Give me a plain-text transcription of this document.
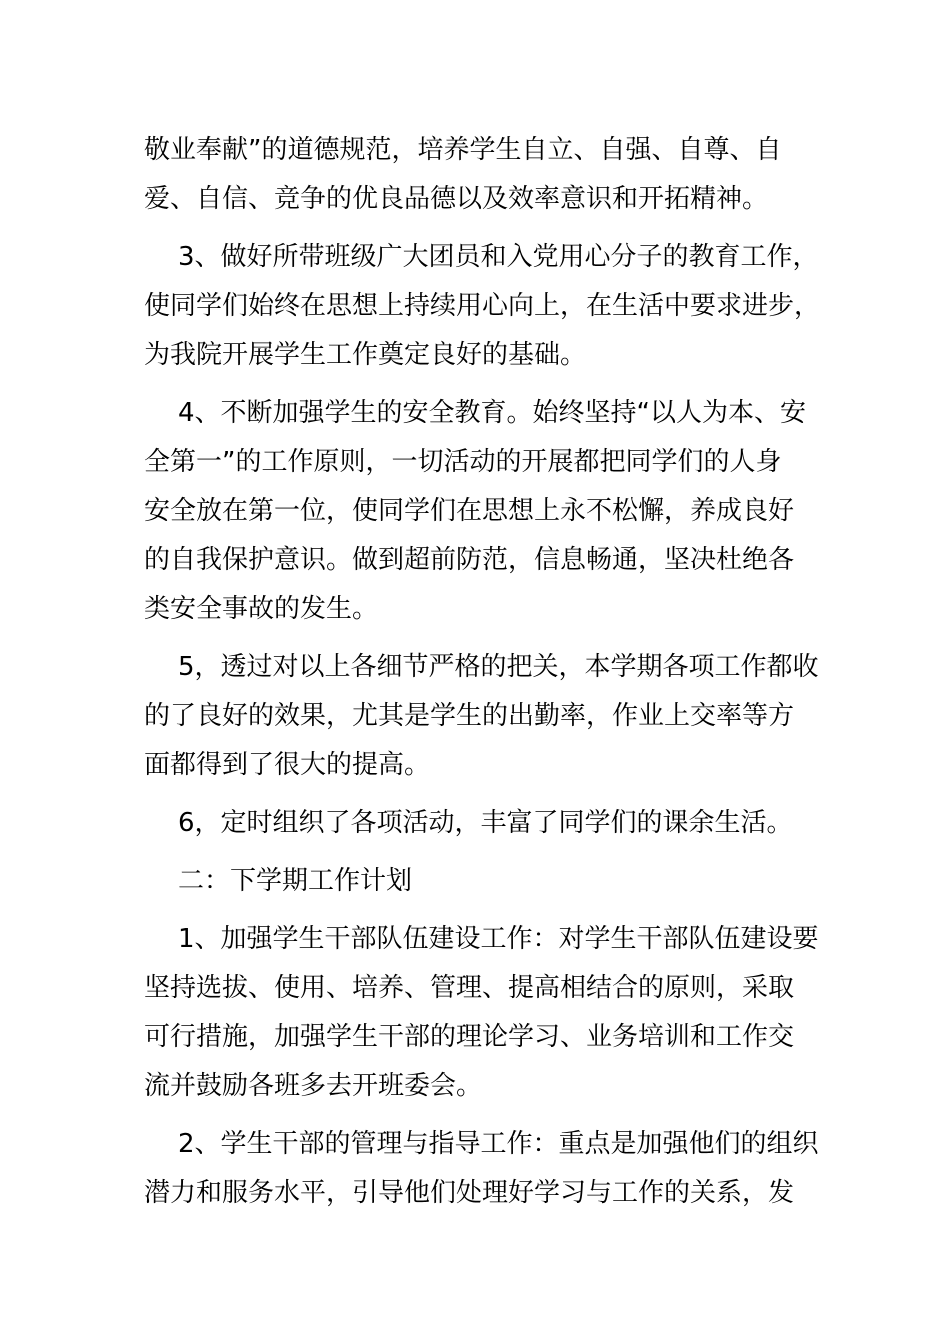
敬业奉献”的道德规范，培养学生自立、自强、自尊、自
爱、自信、竞争的优良品德以及效率意识和开拓精神。

3、做好所带班级广大团员和入党用心分子的教育工作，
使同学们始终在思想上持续用心向上，在生活中要求进步，
为我院开展学生工作奠定良好的基础。

4、不断加强学生的安全教育。始终坚持“以人为本、安
全第一”的工作原则，一切活动的开展都把同学们的人身
安全放在第一位，使同学们在思想上永不松懈，养成良好
的自我保护意识。做到超前防范，信息畅通，坚决杜绝各
类安全事故的发生。

5，透过对以上各细节严格的把关，本学期各项工作都收
的了良好的效果，尤其是学生的出勤率，作业上交率等方
面都得到了很大的提高。

6，定时组织了各项活动，丰富了同学们的课余生活。

二：下学期工作计划

1、加强学生干部队伍建设工作：对学生干部队伍建设要
坚持选拔、使用、培养、管理、提高相结合的原则，采取
可行措施，加强学生干部的理论学习、业务培训和工作交
流并鼓励各班多去开班委会。

2、学生干部的管理与指导工作：重点是加强他们的组织
潜力和服务水平，引导他们处理好学习与工作的关系，发
